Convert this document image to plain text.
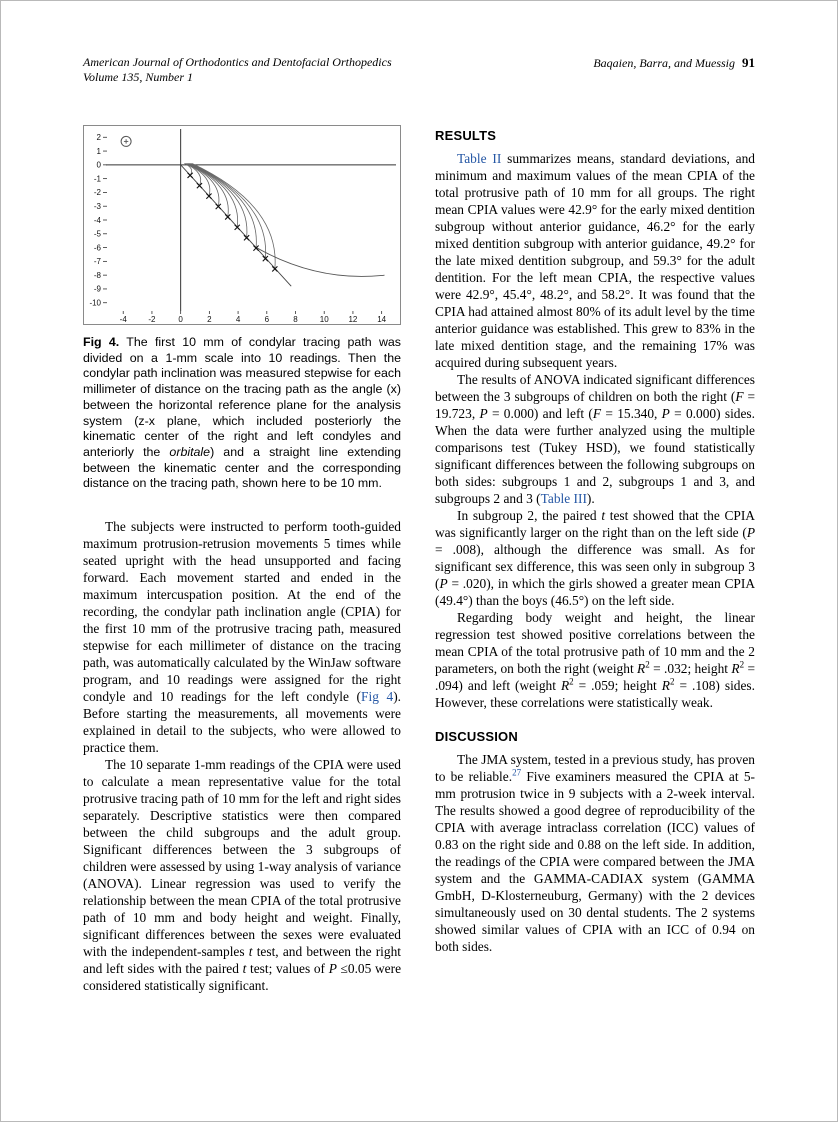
American Journal of Orthodontics and Dentofacial Orthopedics
Volume 135, Number 1
Baqaien, Barra, and Muessig 91
2
1
0
-1
-2
-3
-4
-5
-6
-7
-8
-9
-10
-4	-2	0	2	4	6	8	10 12 14
Fig 4. The first 10 mm of condylar tracing path was divided on a 1-mm scale into 10 readings. Then the condylar path inclination was measured stepwise for each millimeter of distance on the tracing path as the angle (x) between the horizontal reference plane for the analysis system (z-x plane, which included posteriorly the kinematic center of the right and left condyles and anteriorly the orbitale) and a straight line extending between the kinematic center and the corresponding distance on the tracing path, shown here to be 10 mm.

The subjects were instructed to perform tooth-guided maximum protrusion-retrusion movements 5 times while seated upright with the head unsupported and facing forward. Each movement started and ended in the maximum intercuspation position. At the end of the recording, the condylar path inclination angle (CPIA) for the first 10 mm of the protrusive tracing path, measured stepwise for each millimeter of distance on the tracing path, was automatically calculated by the WinJaw software program, and 10 readings were assigned for the right condyle and 10 readings for the left condyle (Fig 4). Before starting the measurements, all movements were explained in detail to the subjects, who were allowed to practice them.

The 10 separate 1-mm readings of the CPIA were used to calculate a mean representative value for the total protrusive tracing path of 10 mm for the left and right sides separately. Descriptive statistics were then compared between the child subgroups and the adult group. Significant differences between the 3 subgroups of children were assessed by using 1-way analysis of variance (ANOVA). Linear regression was used to verify the relationship between the mean CPIA of the total protrusive path of 10 mm and body height and weight. Finally, significant differences between the sexes were evaluated with the independent-samples t test, and between the right and left sides with the paired t test; values of P ≤0.05 were considered statistically significant.

RESULTS

Table II summarizes means, standard deviations, and minimum and maximum values of the mean CPIA of the total protrusive path of 10 mm for all groups. The right mean CPIA values were 42.9° for the early mixed dentition subgroup without anterior guidance, 46.2° for the early mixed dentition subgroup with anterior guidance, 49.2° for the late mixed dentition subgroup, and 59.3° for the adult dentition. For the left mean CPIA, the respective values were 42.9°, 45.4°, 48.2°, and 58.2°. It was found that the CPIA had attained almost 80% of its adult level by the time anterior guidance was established. This grew to 83% in the late mixed dentition stage, and the remaining 17% was acquired during subsequent years.

The results of ANOVA indicated significant differences between the 3 subgroups of children on both the right (F = 19.723, P = 0.000) and left (F = 15.340, P = 0.000) sides. When the data were further analyzed using the multiple comparisons test (Tukey HSD), we found statistically significant differences between the following subgroups on both sides: subgroups 1 and 2, subgroups 1 and 3, and subgroups 2 and 3 (Table III).

In subgroup 2, the paired t test showed that the CPIA was significantly larger on the right than on the left side (P = .008), although the difference was small. As for significant sex difference, this was seen only in subgroup 3 (P = .020), in which the girls showed a greater mean CPIA (49.4°) than the boys (46.5°) on the left side.

Regarding body weight and height, the linear regression test showed positive correlations between the mean CPIA of the total protrusive path of 10 mm and the 2 parameters, on both the right (weight $R^2 = .032$; height $R^2 = .094$) and left (weight $R^2 = .059$; height $R^2 = .108$) sides. However, these correlations were statistically weak.

DISCUSSION

The JMA system, tested in a previous study, has proven to be reliable.$^{27}$ Five examiners measured the CPIA at 5-mm protrusion twice in 9 subjects with a 2-week interval. The results showed a good degree of reproducibility of the CPIA with average intraclass correlation (ICC) values of 0.83 on the right side and 0.88 on the left side. In addition, the readings of the CPIA were compared between the JMA system and the GAMMA-CADIAX system (GAMMA GmbH, D-Klosterneuburg, Germany) with the 2 devices simultaneously used on 30 dental students. The 2 systems showed similar values of CPIA with an ICC of 0.94 on both sides.
